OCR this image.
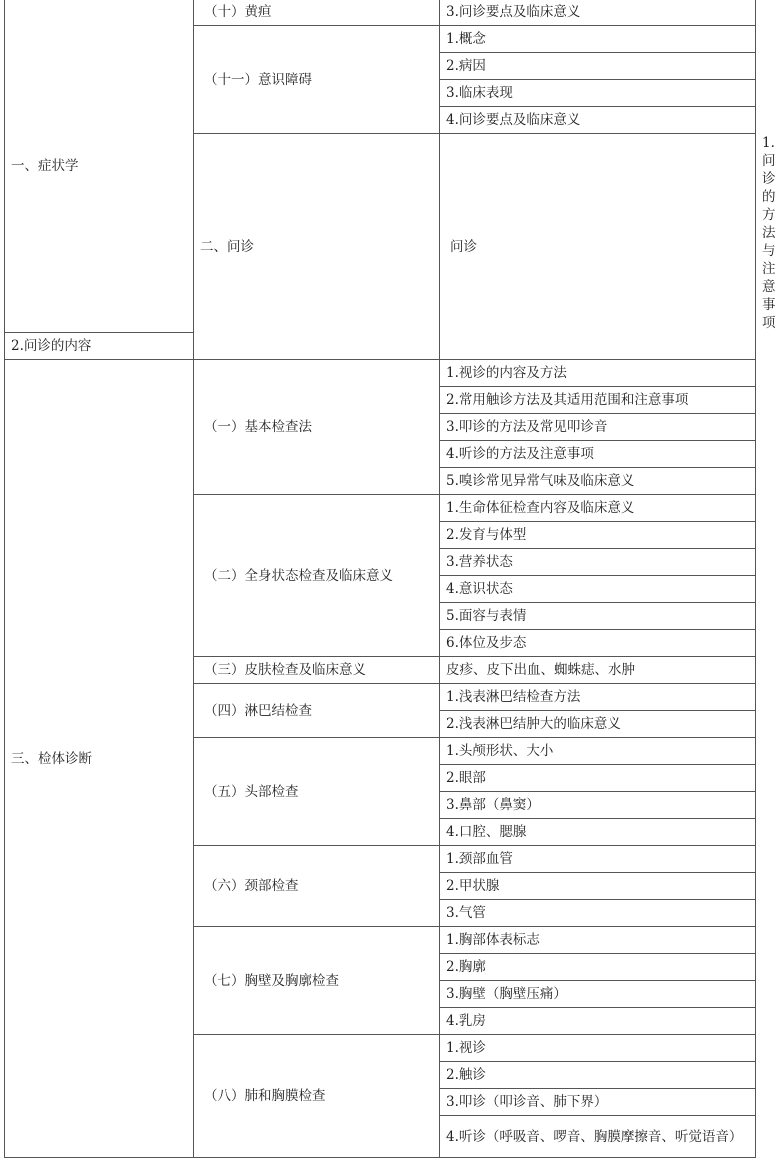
一、症状学	（十）黄疸	3.问诊要点及临床意义	
	（十一）意识障碍	1.概念	
		2.病因	
		3.临床表现	
		4.问诊要点及临床意义	
	二、问诊	问诊	1.问诊的方法与注意事项
2.问诊的内容			
三、检体诊断	（一）基本检查法	1.视诊的内容及方法	
		2.常用触诊方法及其适用范围和注意事项	
		3.叩诊的方法及常见叩诊音	
		4.听诊的方法及注意事项	
		5.嗅诊常见异常气味及临床意义	
	（二）全身状态检查及临床意义	1.生命体征检查内容及临床意义	
		2.发育与体型	
		3.营养状态	
		4.意识状态	
		5.面容与表情	
		6.体位及步态	
	（三）皮肤检查及临床意义	皮疹、皮下出血、蜘蛛痣、水肿	
	（四）淋巴结检查	1.浅表淋巴结检查方法	
		2.浅表淋巴结肿大的临床意义	
	（五）头部检查	1.头颅形状、大小	
		2.眼部	
		3.鼻部（鼻窦）	
		4.口腔、腮腺	
	（六）颈部检查	1.颈部血管	
		2.甲状腺	
		3.气管	
	（七）胸壁及胸廓检查	1.胸部体表标志	
		2.胸廓	
		3.胸壁（胸壁压痛）	
		4.乳房	
	（八）肺和胸膜检查	1.视诊	
		2.触诊	
		3.叩诊（叩诊音、肺下界）	
		4.听诊（呼吸音、啰音、胸膜摩擦音、听觉语音）	
